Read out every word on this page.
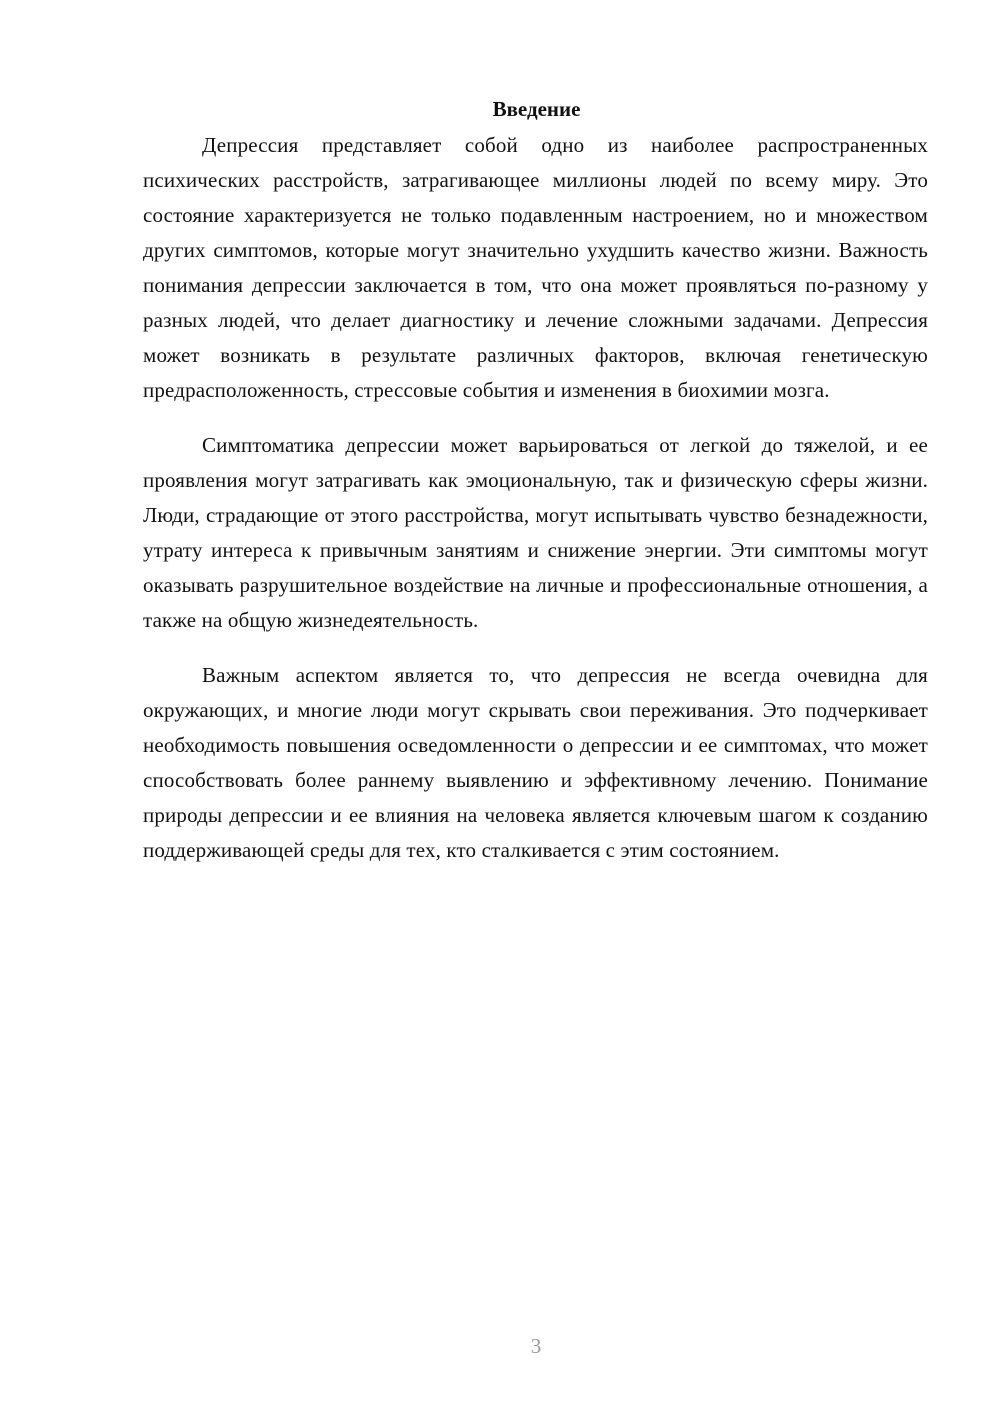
Введение

Депрессия представляет собой одно из наиболее распространенных психических расстройств, затрагивающее миллионы людей по всему миру. Это состояние характеризуется не только подавленным настроением, но и множеством других симптомов, которые могут значительно ухудшить качество жизни. Важность понимания депрессии заключается в том, что она может проявляться по-разному у разных людей, что делает диагностику и лечение сложными задачами. Депрессия может возникать в результате различных факторов, включая генетическую предрасположенность, стрессовые события и изменения в биохимии мозга.

Симптоматика депрессии может варьироваться от легкой до тяжелой, и ее проявления могут затрагивать как эмоциональную, так и физическую сферы жизни. Люди, страдающие от этого расстройства, могут испытывать чувство безнадежности, утрату интереса к привычным занятиям и снижение энергии. Эти симптомы могут оказывать разрушительное воздействие на личные и профессиональные отношения, а также на общую жизнедеятельность.

Важным аспектом является то, что депрессия не всегда очевидна для окружающих, и многие люди могут скрывать свои переживания. Это подчеркивает необходимость повышения осведомленности о депрессии и ее симптомах, что может способствовать более раннему выявлению и эффективному лечению. Понимание природы депрессии и ее влияния на человека является ключевым шагом к созданию поддерживающей среды для тех, кто сталкивается с этим состоянием.

3
